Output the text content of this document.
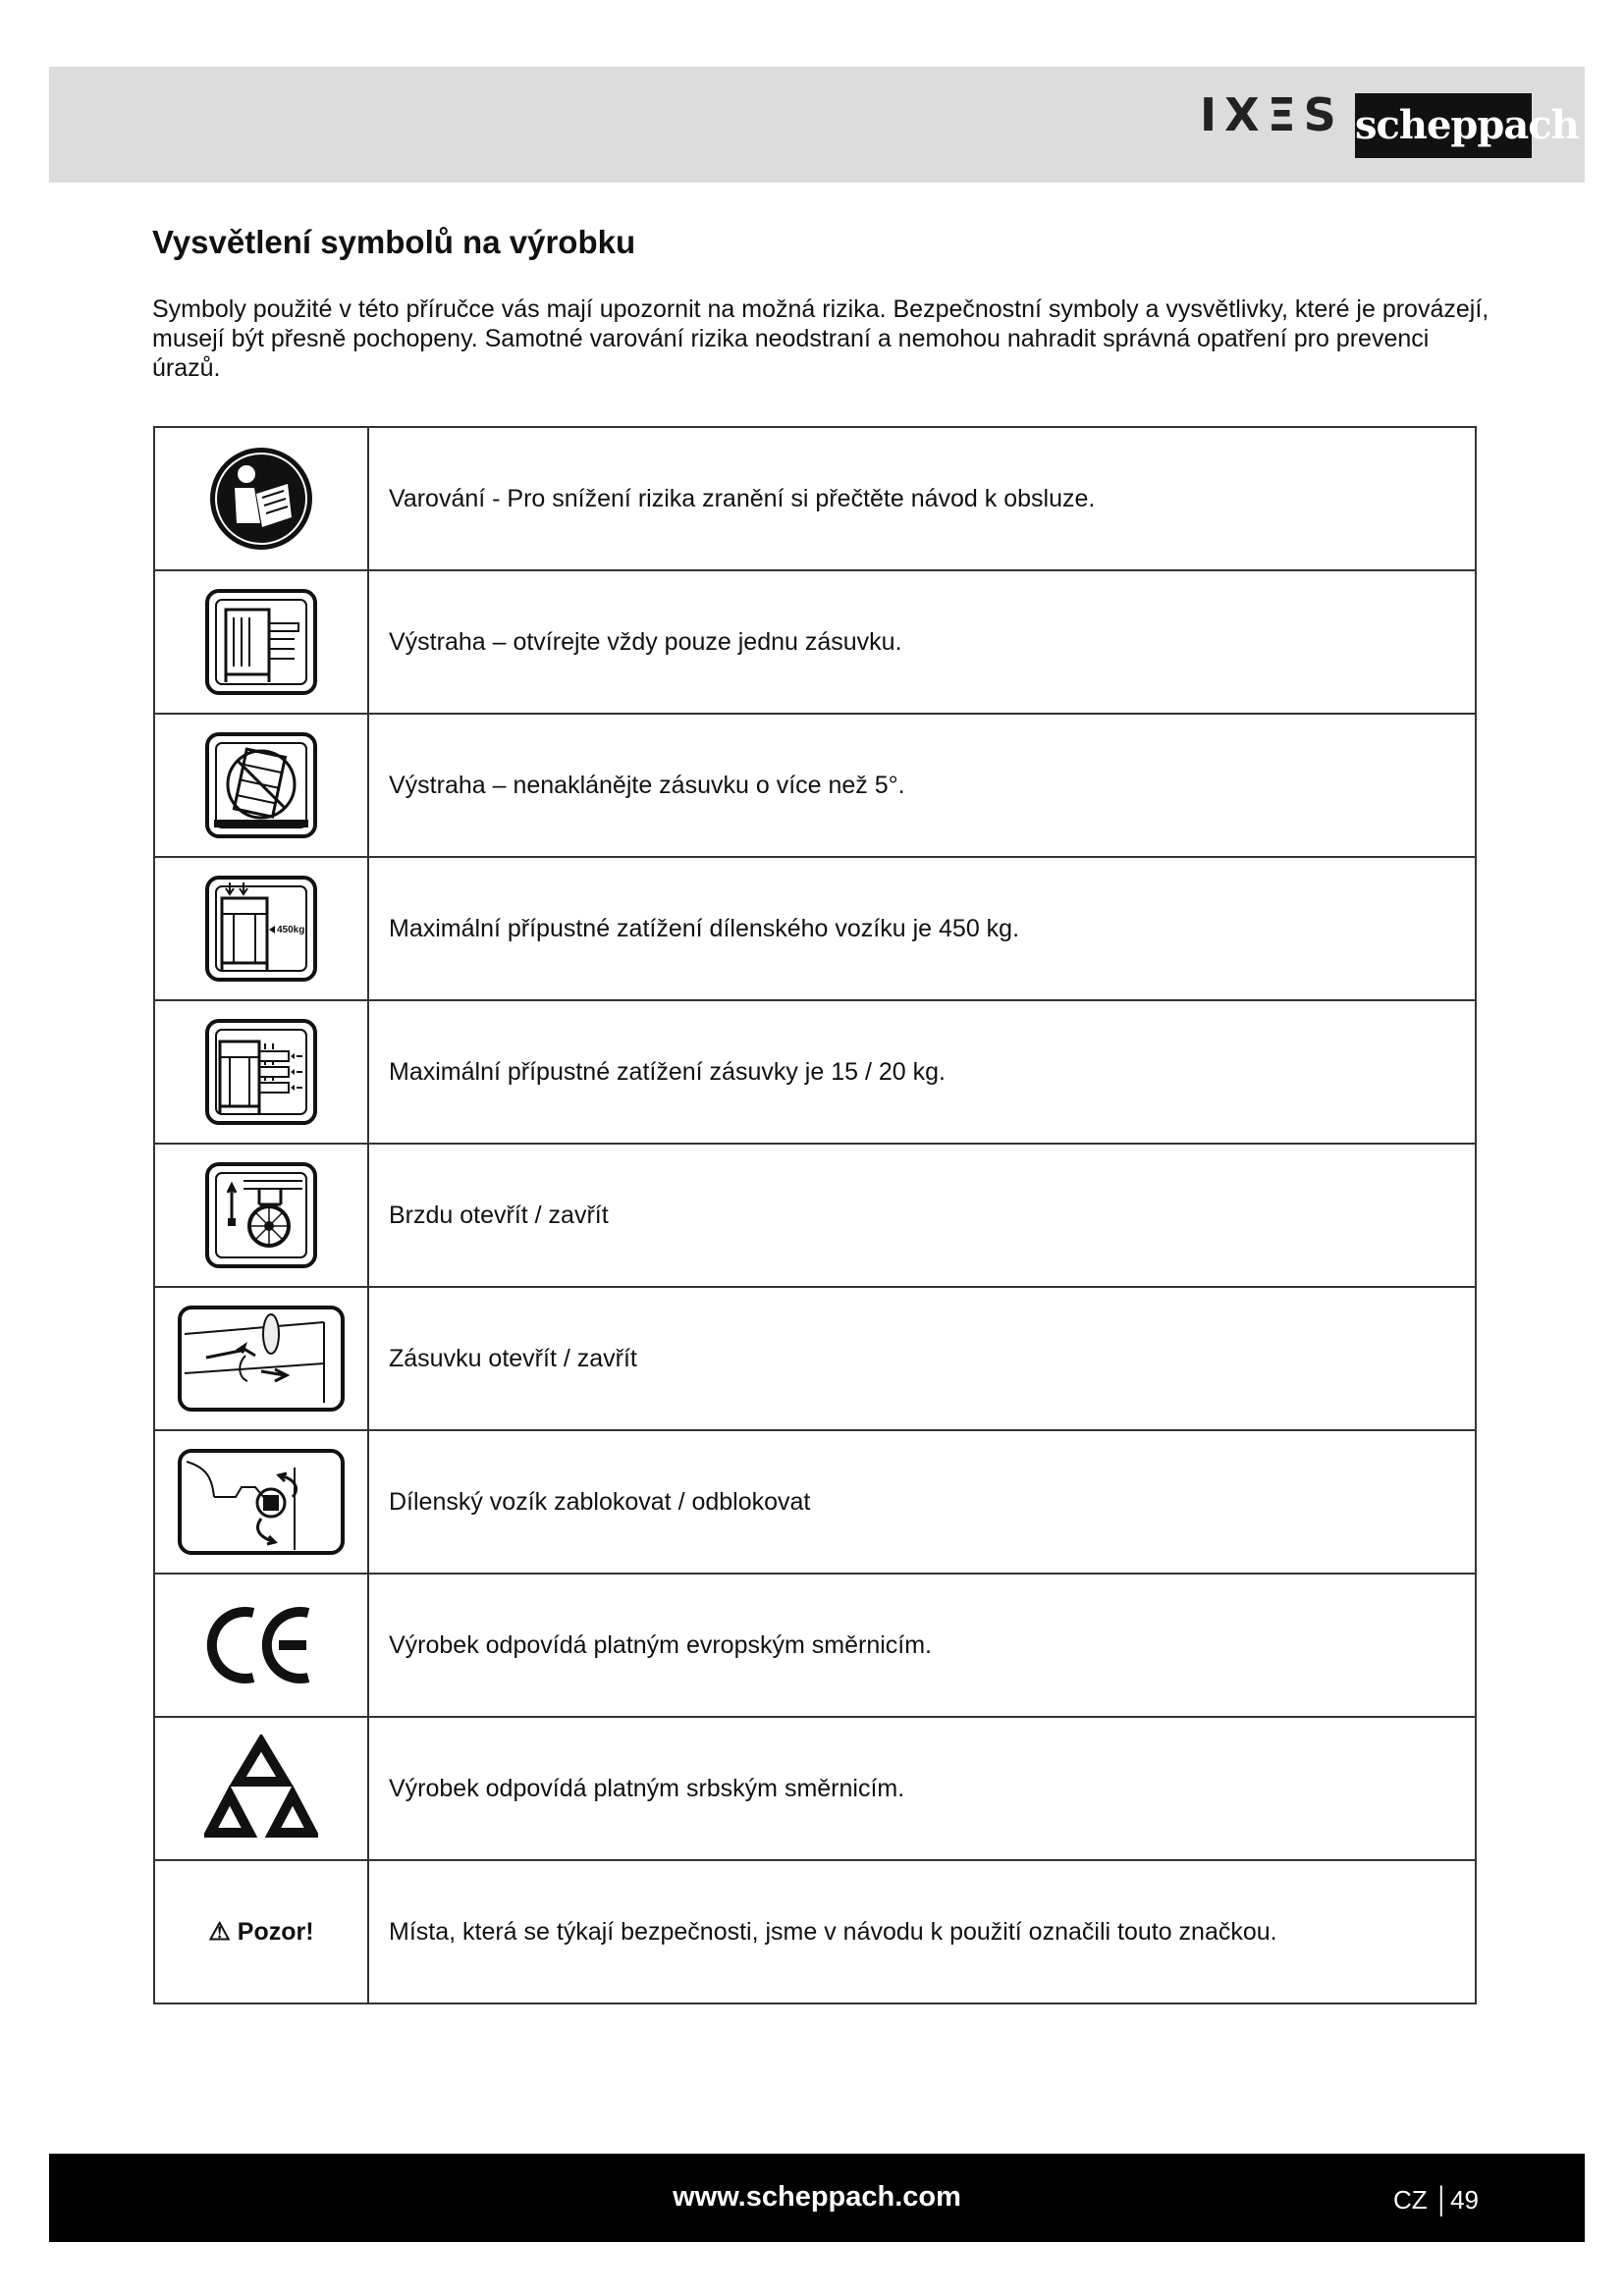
IXΞS scheppach
Vysvětlení symbolů na výrobku

Symboly použité v této příručce vás mají upozornit na možná rizika. Bezpečnostní symboly a vysvětlivky, které je provázejí, musejí být přesně pochopeny. Samotné varování rizika neodstraní a nemohou nahradit správná opatření pro prevenci úrazů.

	Varování - Pro snížení rizika zranění si přečtěte návod k obsluze.

	Výstraha – otvírejte vždy pouze jednu zásuvku.

	Výstraha – nenaklánějte zásuvku o více než 5°.

450kg	Maximální přípustné zatížení dílenského vozíku je 450 kg.

	Maximální přípustné zatížení zásuvky je 15 / 20 kg.

	Brzdu otevřít / zavřít

	Zásuvku otevřít / zavřít

	Dílenský vozík zablokovat / odblokovat

	Výrobek odpovídá platným evropským směrnicím.

	Výrobek odpovídá platným srbským směrnicím.
⚠ Pozor!	Místa, která se týkají bezpečnosti, jsme v návodu k použití označili touto značkou.
www.scheppach.com	CZ │49
